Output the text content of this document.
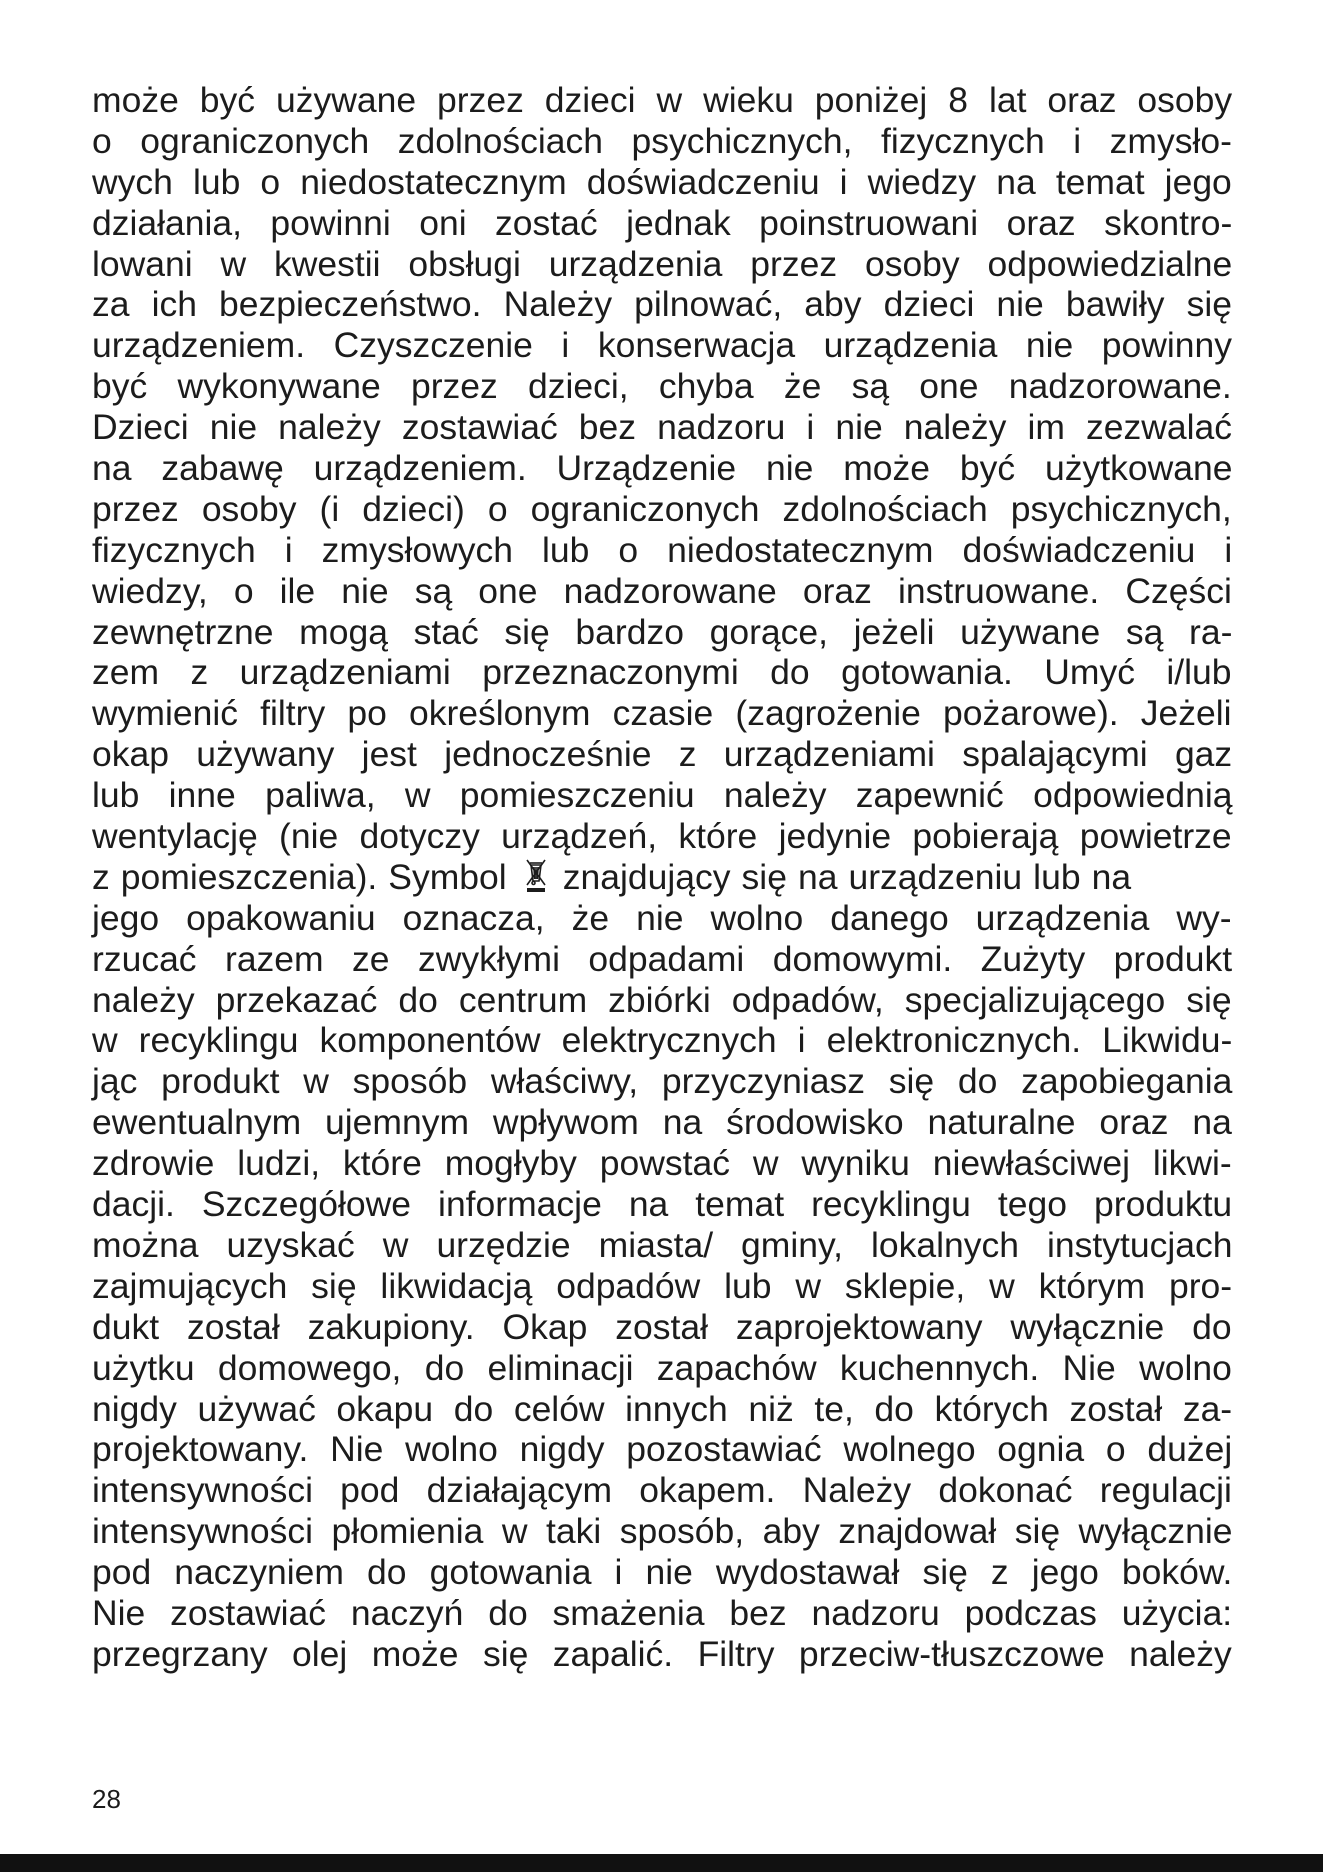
może być używane przez dzieci w wieku poniżej 8 lat oraz osoby
o ograniczonych zdolnościach psychicznych, fizycznych i zmysło-
wych lub o niedostatecznym doświadczeniu i wiedzy na temat jego
działania, powinni oni zostać jednak poinstruowani oraz skontro-
lowani w kwestii obsługi urządzenia przez osoby odpowiedzialne
za ich bezpieczeństwo. Należy pilnować, aby dzieci nie bawiły się
urządzeniem. Czyszczenie i konserwacja urządzenia nie powinny
być wykonywane przez dzieci, chyba że są one nadzorowane.
Dzieci nie należy zostawiać bez nadzoru i nie należy im zezwalać
na zabawę urządzeniem. Urządzenie nie może być użytkowane
przez osoby (i dzieci) o ograniczonych zdolnościach psychicznych,
fizycznych i zmysłowych lub o niedostatecznym doświadczeniu i
wiedzy, o ile nie są one nadzorowane oraz instruowane. Części
zewnętrzne mogą stać się bardzo gorące, jeżeli używane są ra-
zem z urządzeniami przeznaczonymi do gotowania. Umyć i/lub
wymienić filtry po określonym czasie (zagrożenie pożarowe). Jeżeli
okap używany jest jednocześnie z urządzeniami spalającymi gaz
lub inne paliwa, w pomieszczeniu należy zapewnić odpowiednią
wentylację (nie dotyczy urządzeń, które jedynie pobierają powietrze
z pomieszczenia). Symbol znajdujący się na urządzeniu lub na
jego opakowaniu oznacza, że nie wolno danego urządzenia wy-
rzucać razem ze zwykłymi odpadami domowymi. Zużyty produkt
należy przekazać do centrum zbiórki odpadów, specjalizującego się
w recyklingu komponentów elektrycznych i elektronicznych. Likwidu-
jąc produkt w sposób właściwy, przyczyniasz się do zapobiegania
ewentualnym ujemnym wpływom na środowisko naturalne oraz na
zdrowie ludzi, które mogłyby powstać w wyniku niewłaściwej likwi-
dacji. Szczegółowe informacje na temat recyklingu tego produktu
można uzyskać w urzędzie miasta/ gminy, lokalnych instytucjach
zajmujących się likwidacją odpadów lub w sklepie, w którym pro-
dukt został zakupiony. Okap został zaprojektowany wyłącznie do
użytku domowego, do eliminacji zapachów kuchennych. Nie wolno
nigdy używać okapu do celów innych niż te, do których został za-
projektowany. Nie wolno nigdy pozostawiać wolnego ognia o dużej
intensywności pod działającym okapem. Należy dokonać regulacji
intensywności płomienia w taki sposób, aby znajdował się wyłącznie
pod naczyniem do gotowania i nie wydostawał się z jego boków.
Nie zostawiać naczyń do smażenia bez nadzoru podczas użycia:
przegrzany olej może się zapalić. Filtry przeciw-tłuszczowe należy
28
